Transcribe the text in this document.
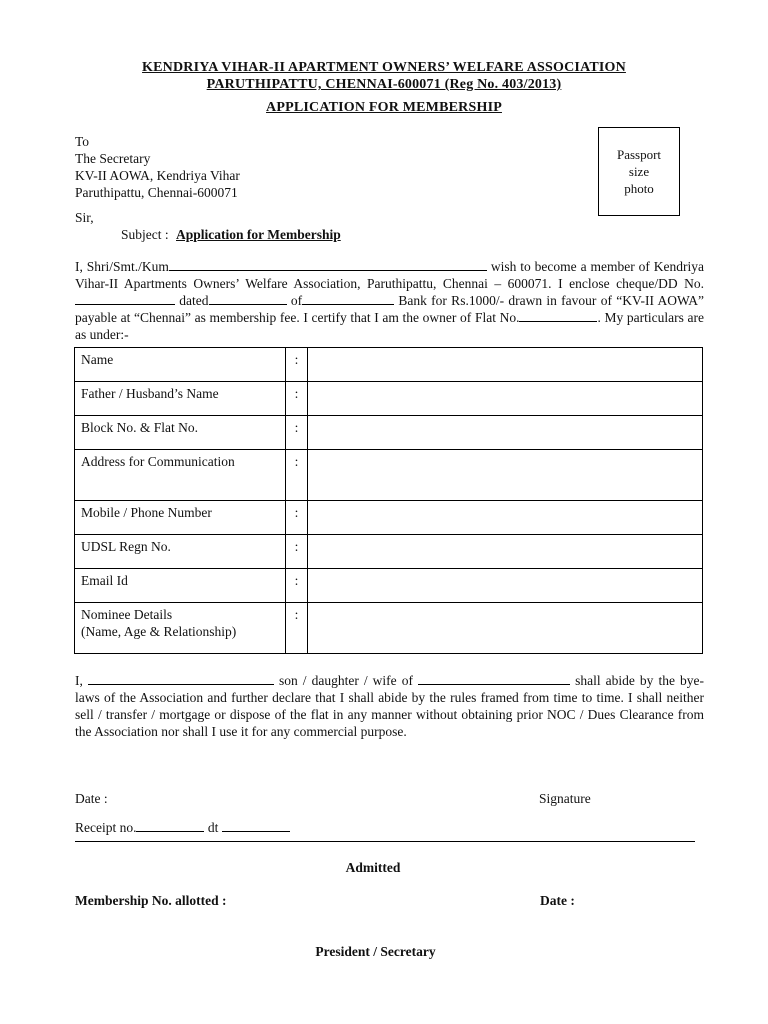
KENDRIYA VIHAR-II APARTMENT OWNERS’ WELFARE ASSOCIATION
PARUTHIPATTU, CHENNAI-600071 (Reg No. 403/2013)
APPLICATION FOR MEMBERSHIP
To
The Secretary
KV-II AOWA, Kendriya Vihar
Paruthipattu, Chennai-600071
Passport
size
photo
Sir,
Subject : Application for Membership
I, Shri/Smt./Kum	wish to become a member of Kendriya Vihar-II Apartments Owners’ Welfare Association, Paruthipattu, Chennai – 600071. I enclose cheque/DD No. dated	of	Bank for Rs.1000/- drawn in favour of “KV-II AOWA” payable at “Chennai” as membership fee. I certify that I am the owner of Flat No.	. My particulars are as under:-
Name	:	
Father / Husband’s Name	:	
Block No. & Flat No.	:	
Address for Communication	:	
Mobile / Phone Number	:	
UDSL Regn No.	:	
Email Id	:	

Nominee Details
(Name, Age & Relationship)	:	
I,	son / daughter / wife of	shall abide by the bye-laws of the Association and further declare that I shall abide by the rules framed from time to time. I shall neither sell / transfer / mortgage or dispose of the flat in any manner without obtaining prior NOC / Dues Clearance from the Association nor shall I use it for any commercial purpose.
Date :	Signature
Receipt no.	dt
Admitted
Membership No. allotted :	Date :
President / Secretary
